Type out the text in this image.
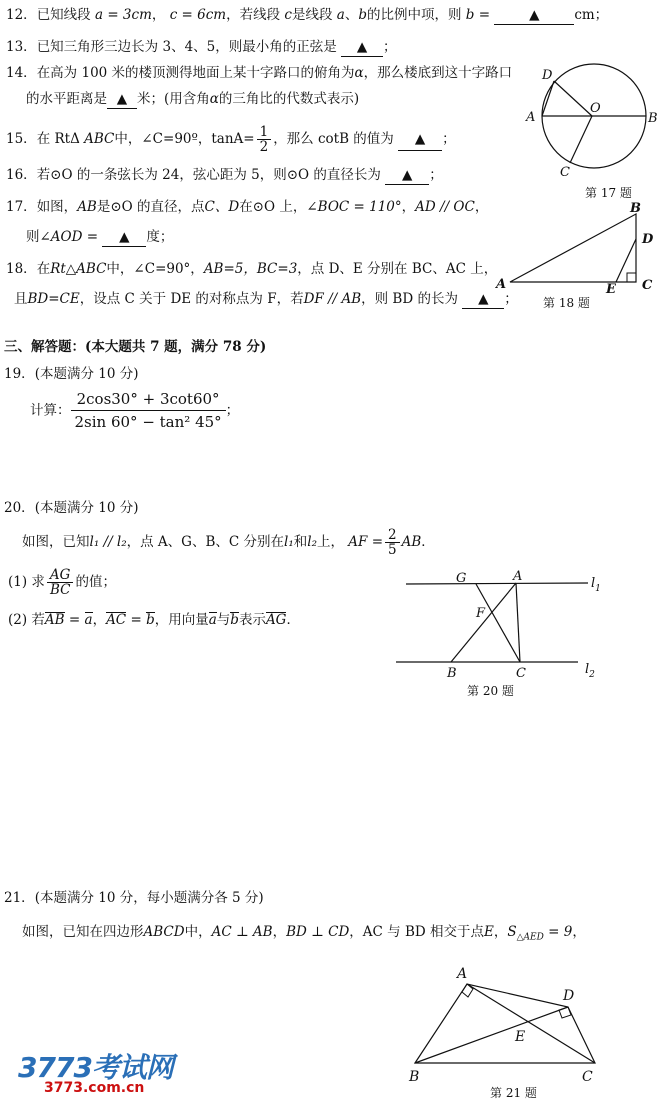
12．已知线段 a = 3cm， c = 6cm，若线段 c是线段 a、b的比例中项，则 b =	▲	cm；
13．已知三角形三边长为 3、4、5，则最小角的正弦是 ▲ ；
14．在高为 100 米的楼顶测得地面上某十字路口的俯角为α，那么楼底到这十字路口
的水平距离是 ▲ 米；(用含角α的三角比的代数式表示)
15．在 RtΔ ABC中，∠C=90º，$\tan A= \frac{1}{2}$ ，那么 cotB 的值为 ▲ ；
16．若⊙O 的一条弦长为 24，弦心距为 5，则⊙O 的直径长为 ▲ ；
17．如图，AB是⊙O 的直径，点C、D在⊙O 上，∠BOC = 110°，AD // OC，
则∠AOD = ▲ 度；
18．在Rt△ABC中，∠C=90°，AB=5，BC=3，点 D、E 分别在 BC、AC 上，
且BD=CE，设点 C 关于 DE 的对称点为 F，若DF // AB，则 BD 的长为 ▲ ；
三、解答题：(本大题共 7 题，满分 78 分)
19．(本题满分 10 分)
计算： $\frac{2\cos 30^\circ + 3\cot 60^\circ}{\text{2sin 60° − tan² 45°}}$ ；
20．(本题满分 10 分)
如图，已知l₁ // l₂，点 A、G、B、C 分别在l₁和l₂上， AF = $\frac{2}{5}$ AB．
(1) 求 $\frac{AG}{BC}$ 的值；
(2) 若AB = a，AC = b，用向量a与b表示AG．
21．(本题满分 10 分，每小题满分各 5 分)
如图，已知在四边形ABCD中，AC ⊥ AB，BD ⊥ CD，AC 与 BD 相交于点E，$S_{\triangle AED} = 9$，
A	B
C
D
O
第 17 题
A
B
C
D
E
第 18 题
G	A
F
B	C
$l_1$
$l_2$
第 20 题
A
D
E
B	C
第 21 题
3773考试网
3773.com.cn
